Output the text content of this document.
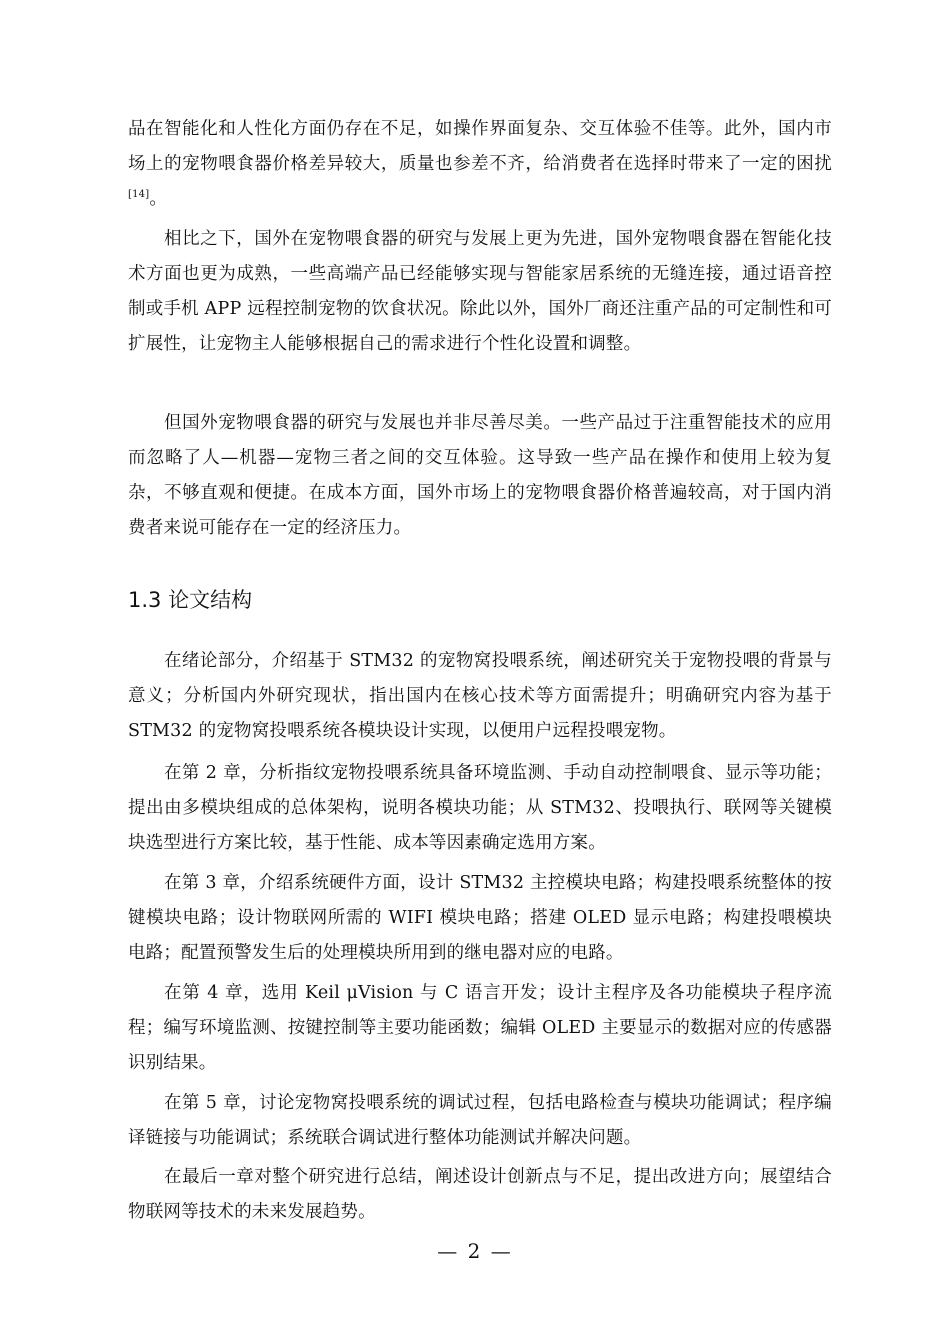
品在智能化和人性化方面仍存在不足，如操作界面复杂、交互体验不佳等。此外，国内市场上的宠物喂食器价格差异较大，质量也参差不齐，给消费者在选择时带来了一定的困扰[14]。

相比之下，国外在宠物喂食器的研究与发展上更为先进，国外宠物喂食器在智能化技术方面也更为成熟，一些高端产品已经能够实现与智能家居系统的无缝连接，通过语音控制或手机 APP 远程控制宠物的饮食状况。除此以外，国外厂商还注重产品的可定制性和可扩展性，让宠物主人能够根据自己的需求进行个性化设置和调整。

但国外宠物喂食器的研究与发展也并非尽善尽美。一些产品过于注重智能技术的应用而忽略了人—机器—宠物三者之间的交互体验。这导致一些产品在操作和使用上较为复杂，不够直观和便捷。在成本方面，国外市场上的宠物喂食器价格普遍较高，对于国内消费者来说可能存在一定的经济压力。

1.3 论文结构

在绪论部分，介绍基于 STM32 的宠物窝投喂系统，阐述研究关于宠物投喂的背景与意义；分析国内外研究现状，指出国内在核心技术等方面需提升；明确研究内容为基于 STM32 的宠物窝投喂系统各模块设计实现，以便用户远程投喂宠物。

在第 2 章，分析指纹宠物投喂系统具备环境监测、手动自动控制喂食、显示等功能；提出由多模块组成的总体架构，说明各模块功能；从 STM32、投喂执行、联网等关键模块选型进行方案比较，基于性能、成本等因素确定选用方案。

在第 3 章，介绍系统硬件方面，设计 STM32 主控模块电路；构建投喂系统整体的按键模块电路；设计物联网所需的 WIFI 模块电路；搭建 OLED 显示电路；构建投喂模块电路；配置预警发生后的处理模块所用到的继电器对应的电路。

在第 4 章，选用 Keil μVision 与 C 语言开发；设计主程序及各功能模块子程序流程；编写环境监测、按键控制等主要功能函数；编辑 OLED 主要显示的数据对应的传感器识别结果。

在第 5 章，讨论宠物窝投喂系统的调试过程，包括电路检查与模块功能调试；程序编译链接与功能调试；系统联合调试进行整体功能测试并解决问题。

在最后一章对整个研究进行总结，阐述设计创新点与不足，提出改进方向；展望结合物联网等技术的未来发展趋势。

— 2 —
